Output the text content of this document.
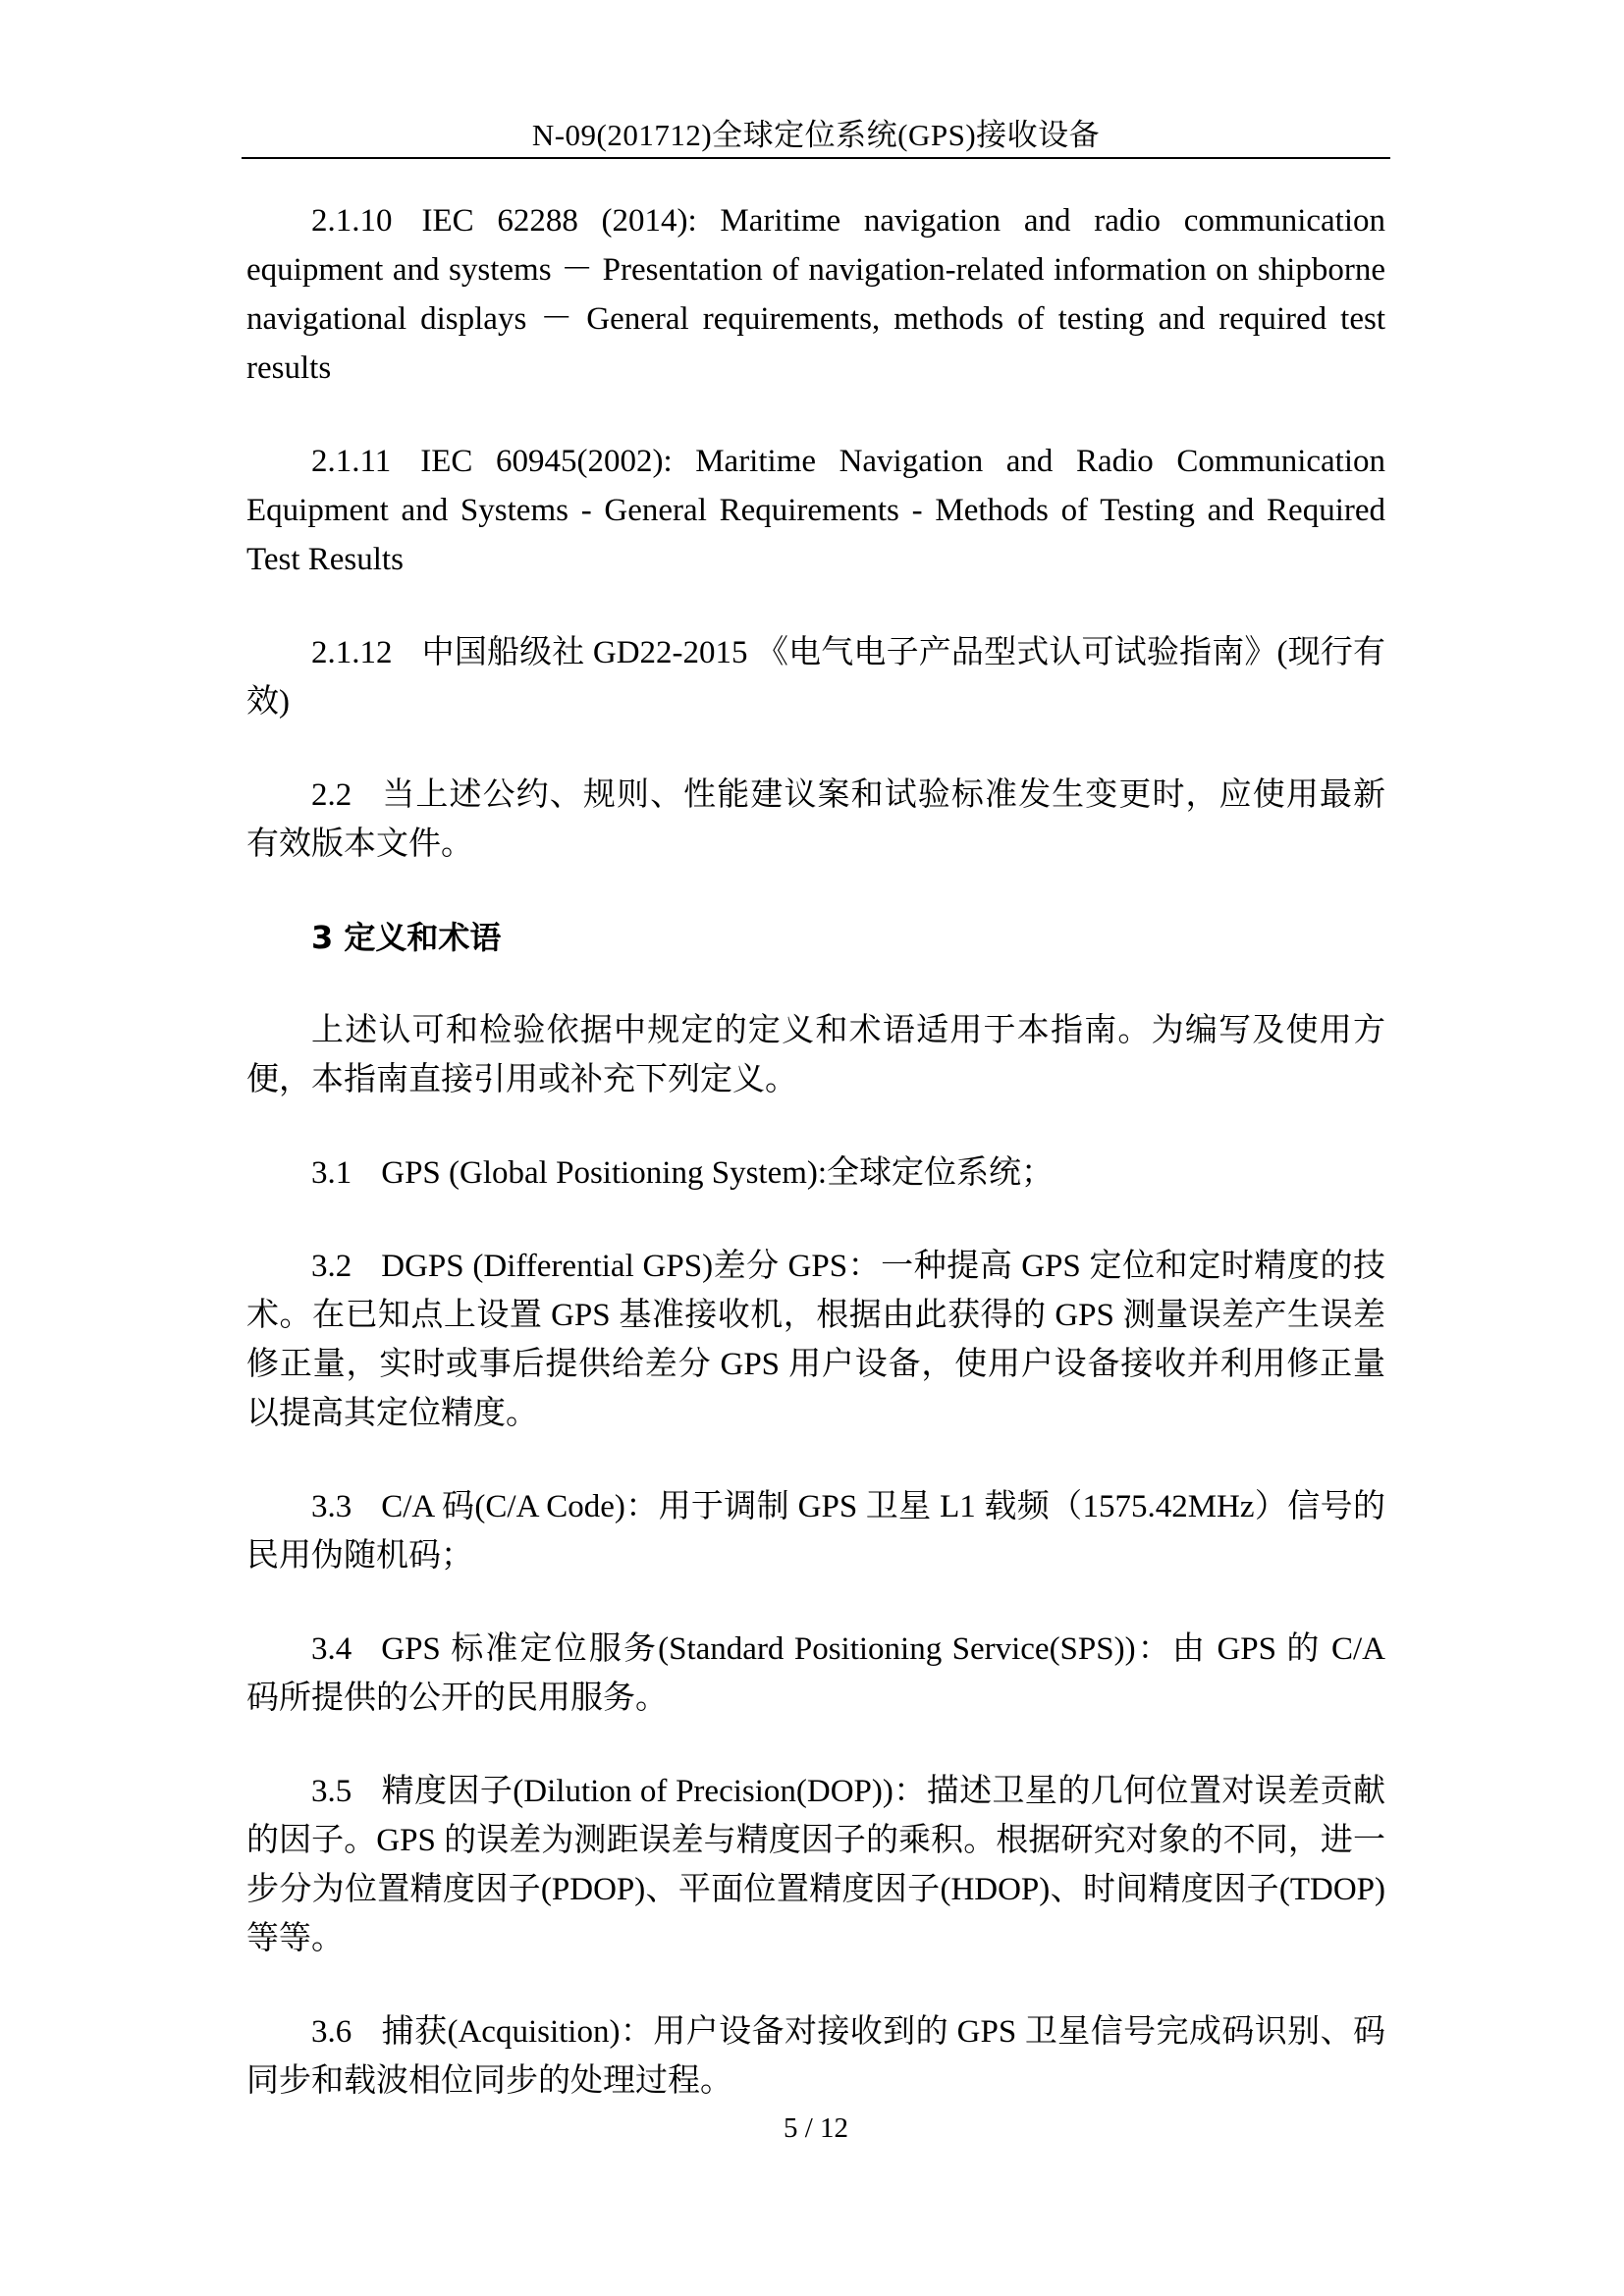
N-09(201712)全球定位系统(GPS)接收设备

2.1.10 IEC 62288 (2014): Maritime navigation and radio communication equipment and systems － Presentation of navigation-related information on shipborne navigational displays － General requirements, methods of testing and required test results

2.1.11 IEC 60945(2002): Maritime Navigation and Radio Communication Equipment and Systems - General Requirements - Methods of Testing and Required Test Results

2.1.12 中国船级社 GD22-2015 《电气电子产品型式认可试验指南》(现行有效)

2.2 当上述公约、规则、性能建议案和试验标准发生变更时，应使用最新有效版本文件。

3 定义和术语

上述认可和检验依据中规定的定义和术语适用于本指南。为编写及使用方便，本指南直接引用或补充下列定义。

3.1 GPS (Global Positioning System):全球定位系统；

3.2 DGPS (Differential GPS)差分 GPS：一种提高 GPS 定位和定时精度的技术。在已知点上设置 GPS 基准接收机，根据由此获得的 GPS 测量误差产生误差修正量，实时或事后提供给差分 GPS 用户设备，使用户设备接收并利用修正量以提高其定位精度。

3.3 C/A 码(C/A Code)：用于调制 GPS 卫星 L1 载频（1575.42MHz）信号的民用伪随机码；

3.4 GPS 标准定位服务(Standard Positioning Service(SPS))：由 GPS 的 C/A 码所提供的公开的民用服务。

3.5 精度因子(Dilution of Precision(DOP))：描述卫星的几何位置对误差贡献的因子。GPS 的误差为测距误差与精度因子的乘积。根据研究对象的不同，进一步分为位置精度因子(PDOP)、平面位置精度因子(HDOP)、时间精度因子(TDOP)等等。

3.6 捕获(Acquisition)：用户设备对接收到的 GPS 卫星信号完成码识别、码同步和载波相位同步的处理过程。

5 / 12
